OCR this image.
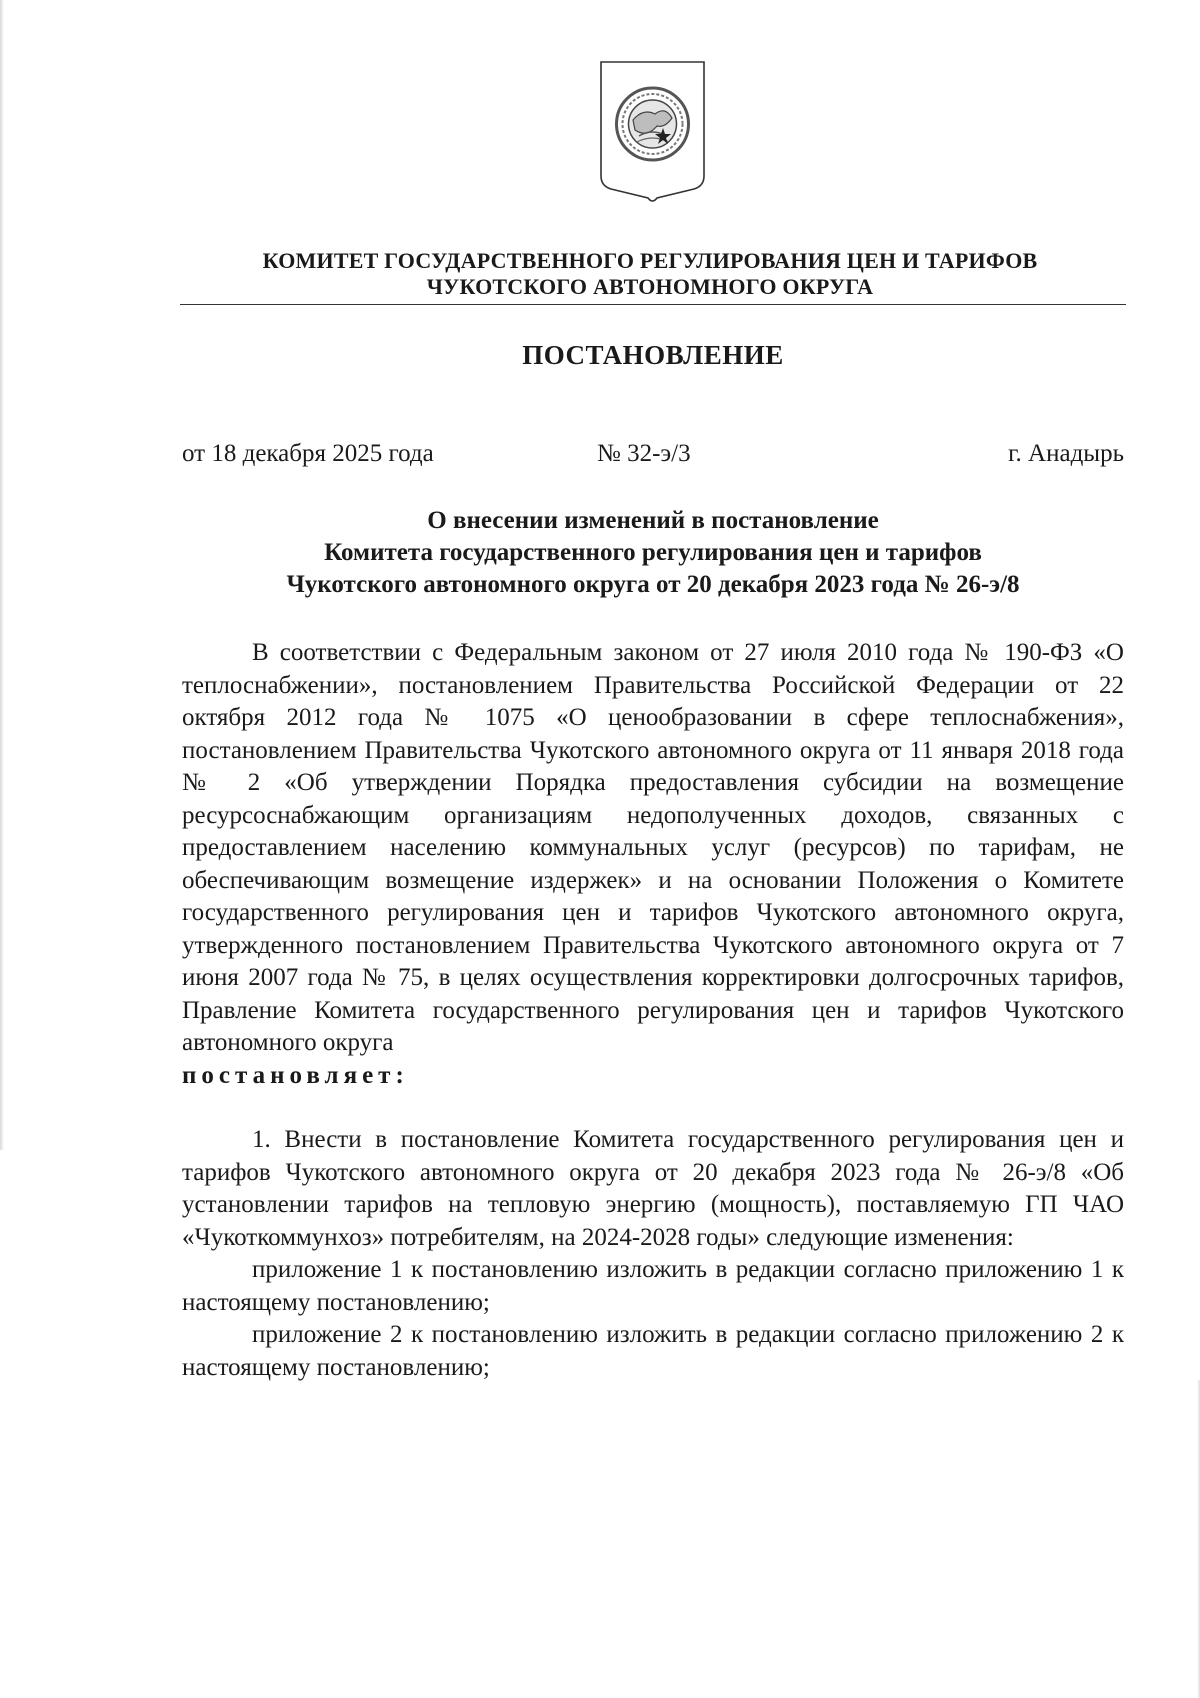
КОМИТЕТ ГОСУДАРСТВЕННОГО РЕГУЛИРОВАНИЯ ЦЕН И ТАРИФОВ
ЧУКОТСКОГО АВТОНОМНОГО ОКРУГА
ПОСТАНОВЛЕНИЕ
от 18 декабря 2025 года	№ 32-э/3	г. Анадырь
О внесении изменений в постановление
Комитета государственного регулирования цен и тарифов
Чукотского автономного округа от 20 декабря 2023 года № 26-э/8

В соответствии с Федеральным законом от 27 июля 2010 года № 190-ФЗ «О теплоснабжении», постановлением Правительства Российской Федерации от 22 октября 2012 года № 1075 «О ценообразовании в сфере теплоснабжения», постановлением Правительства Чукотского автономного округа от 11 января 2018 года № 2 «Об утверждении Порядка предоставления субсидии на возмещение ресурсоснабжающим организациям недополученных доходов, связанных с предоставлением населению коммунальных услуг (ресурсов) по тарифам, не обеспечивающим возмещение издержек» и на основании Положения о Комитете государственного регулирования цен и тарифов Чукотского автономного округа, утвержденного постановлением Правительства Чукотского автономного округа от 7 июня 2007 года № 75, в целях осуществления корректировки долгосрочных тарифов, Правление Комитета государственного регулирования цен и тарифов Чукотского автономного округа

постановляет:

1. Внести в постановление Комитета государственного регулирования цен и тарифов Чукотского автономного округа от 20 декабря 2023 года № 26-э/8 «Об установлении тарифов на тепловую энергию (мощность), поставляемую ГП ЧАО «Чукоткоммунхоз» потребителям, на 2024-2028 годы» следующие изменения:

приложение 1 к постановлению изложить в редакции согласно приложению 1 к настоящему постановлению;

приложение 2 к постановлению изложить в редакции согласно приложению 2 к настоящему постановлению;
